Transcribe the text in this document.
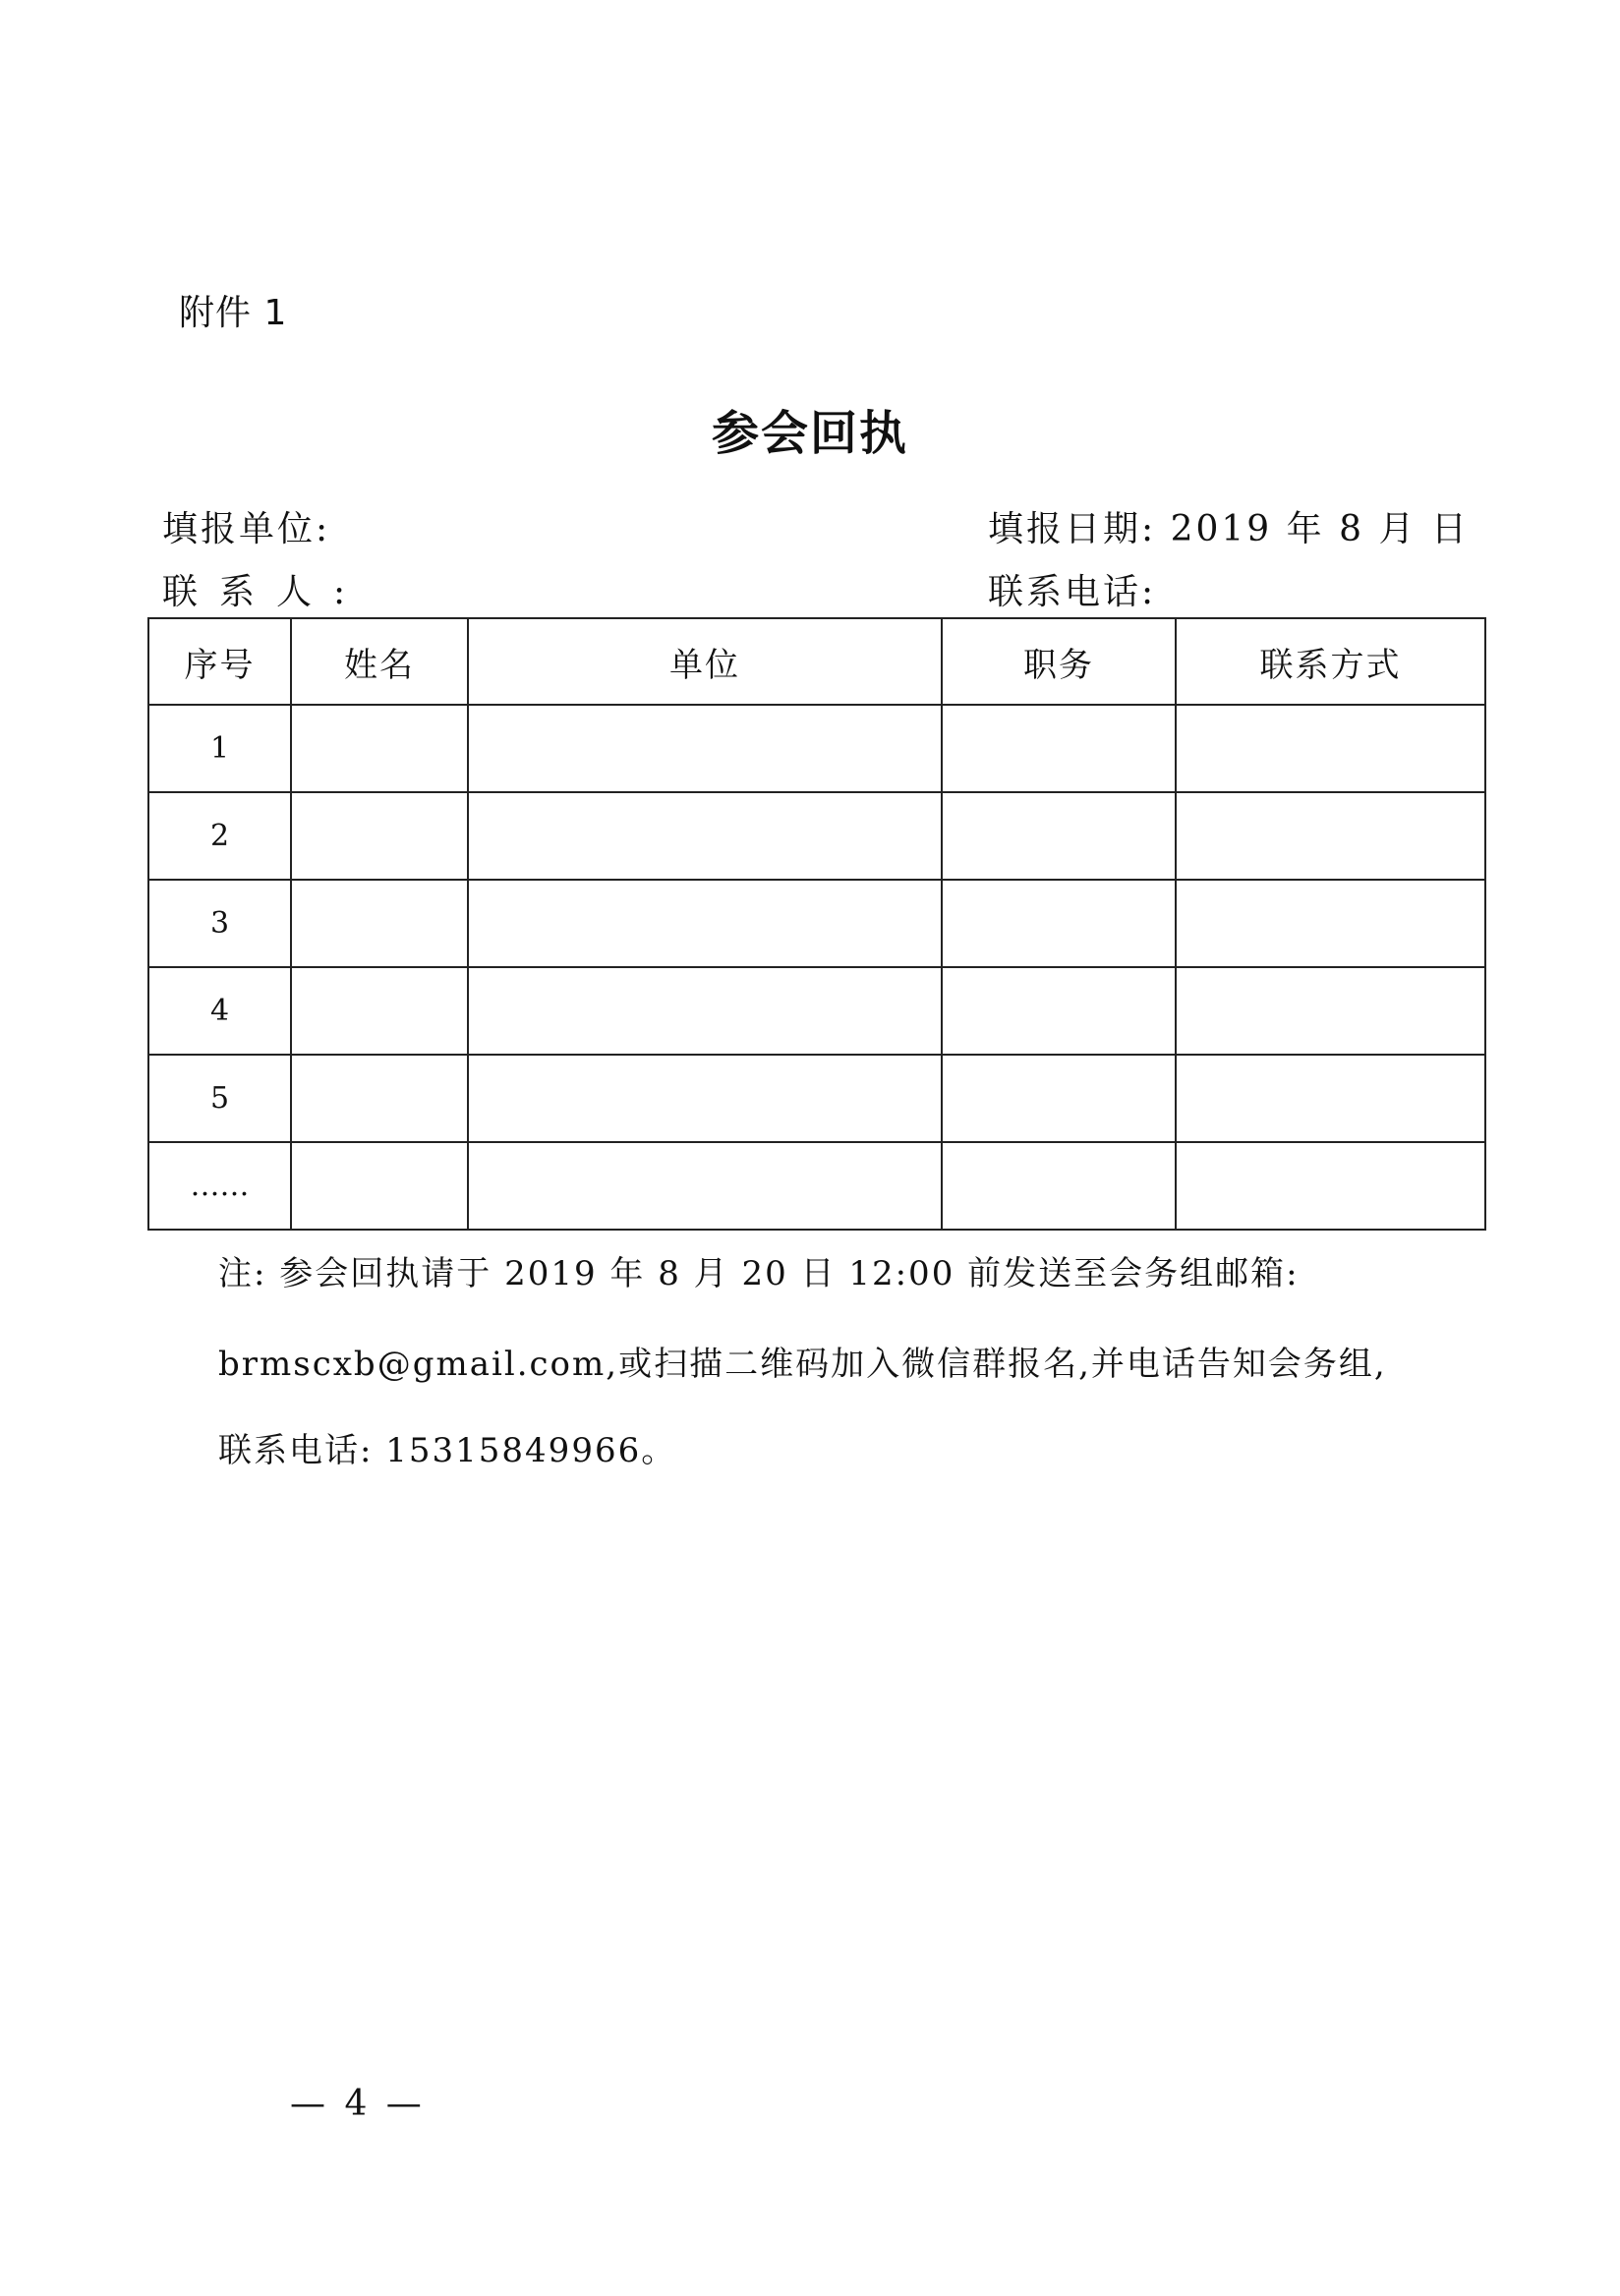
附件 1
参会回执
填报单位:
联系人:
填报日期: 2019 年 8 月 日
联系电话:
序号	姓名	单位	职务	联系方式
1				
2				
3				
4				
5				
……				
注: 参会回执请于 2019 年 8 月 20 日 12:00 前发送至会务组邮箱:
brmscxb@gmail.com,或扫描二维码加入微信群报名,并电话告知会务组,
联系电话: 15315849966。
— 4 —
